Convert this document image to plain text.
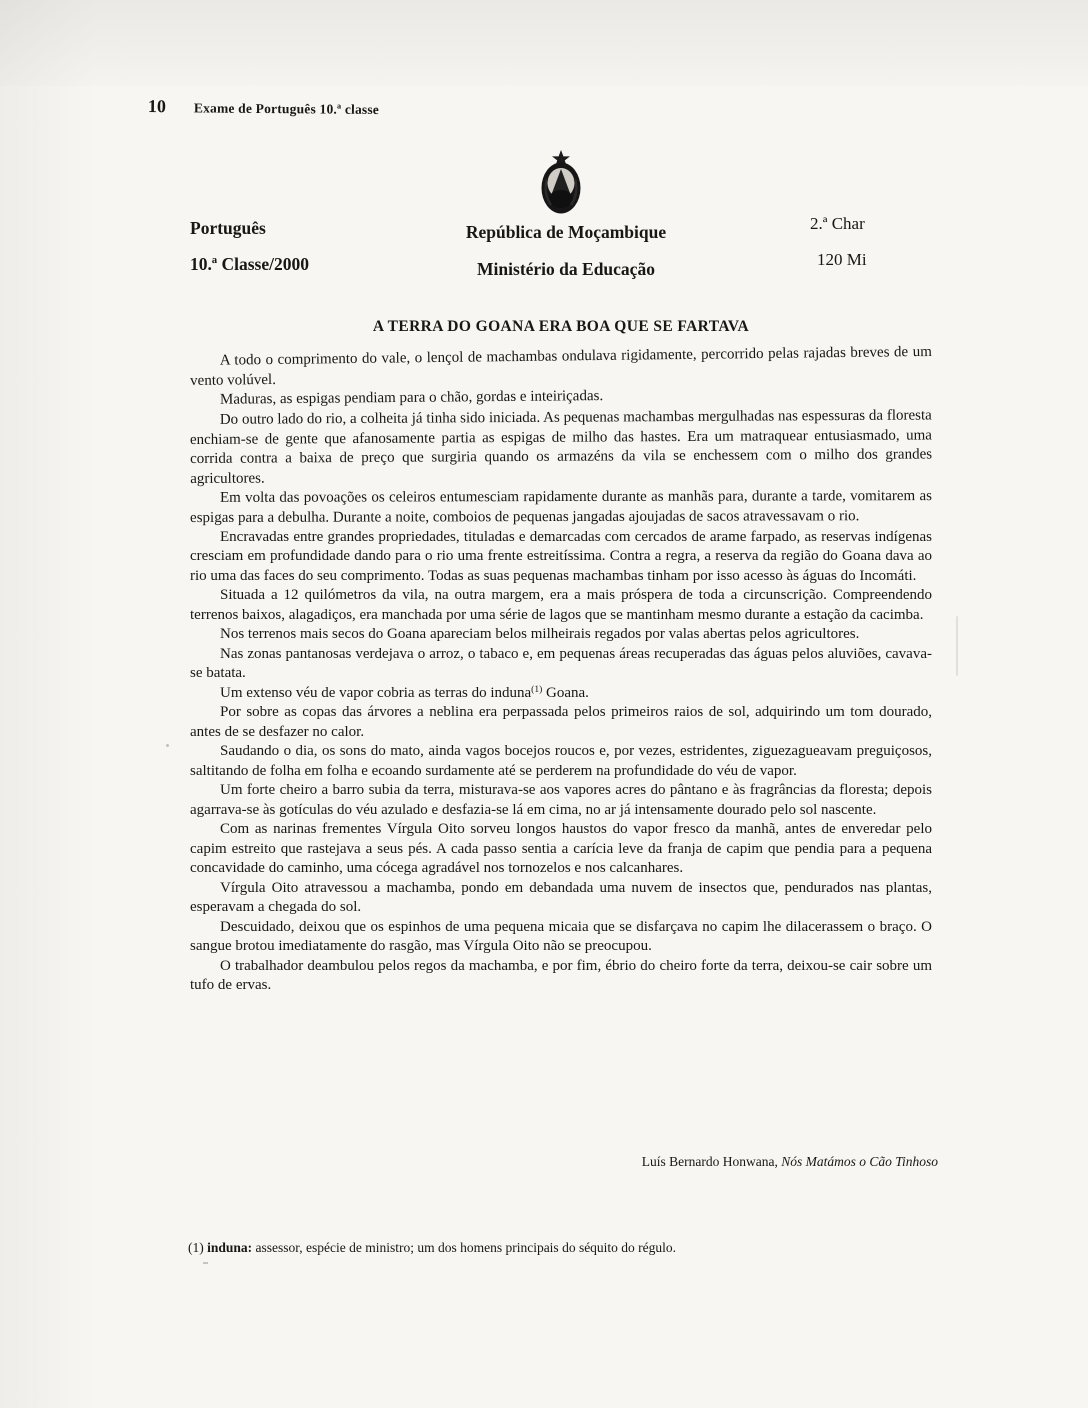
10 Exame de Português 10.ª classe
Português
10.ª Classe/2000
República de Moçambique
Ministério da Educação
2.ª Char
120 Mi
A TERRA DO GOANA ERA BOA QUE SE FARTAVA

A todo o comprimento do vale, o lençol de machambas ondulava rigidamente, percorrido pelas rajadas breves de um vento volúvel.

Maduras, as espigas pendiam para o chão, gordas e inteiriçadas.

Do outro lado do rio, a colheita já tinha sido iniciada. As pequenas machambas mergulhadas nas espessuras da floresta enchiam-se de gente que afanosamente partia as espigas de milho das hastes. Era um matraquear entusiasmado, uma corrida contra a baixa de preço que surgiria quando os armazéns da vila se enchessem com o milho dos grandes agricultores.

Em volta das povoações os celeiros entumesciam rapidamente durante as manhãs para, durante a tarde, vomitarem as espigas para a debulha. Durante a noite, comboios de pequenas jangadas ajoujadas de sacos atravessavam o rio.

Encravadas entre grandes propriedades, tituladas e demarcadas com cercados de arame farpado, as reservas indígenas cresciam em profundidade dando para o rio uma frente estreitíssima. Contra a regra, a reserva da região do Goana dava ao rio uma das faces do seu comprimento. Todas as suas pequenas machambas tinham por isso acesso às águas do Incomáti.

Situada a 12 quilómetros da vila, na outra margem, era a mais próspera de toda a circunscrição. Compreendendo terrenos baixos, alagadiços, era manchada por uma série de lagos que se mantinham mesmo durante a estação da cacimba.

Nos terrenos mais secos do Goana apareciam belos milheirais regados por valas abertas pelos agricultores.

Nas zonas pantanosas verdejava o arroz, o tabaco e, em pequenas áreas recuperadas das águas pelos aluviões, cavava-se batata.

Um extenso véu de vapor cobria as terras do induna$^{(1)}$ Goana.

Por sobre as copas das árvores a neblina era perpassada pelos primeiros raios de sol, adquirindo um tom dourado, antes de se desfazer no calor.

Saudando o dia, os sons do mato, ainda vagos bocejos roucos e, por vezes, estridentes, ziguezagueavam preguiçosos, saltitando de folha em folha e ecoando surdamente até se perderem na profundidade do véu de vapor.

Um forte cheiro a barro subia da terra, misturava-se aos vapores acres do pântano e às fragrâncias da floresta; depois agarrava-se às gotículas do véu azulado e desfazia-se lá em cima, no ar já intensamente dourado pelo sol nascente.

Com as narinas frementes Vírgula Oito sorveu longos haustos do vapor fresco da manhã, antes de enveredar pelo capim estreito que rastejava a seus pés. A cada passo sentia a carícia leve da franja de capim que pendia para a pequena concavidade do caminho, uma cócega agradável nos tornozelos e nos calcanhares.

Vírgula Oito atravessou a machamba, pondo em debandada uma nuvem de insectos que, pendurados nas plantas, esperavam a chegada do sol.

Descuidado, deixou que os espinhos de uma pequena micaia que se disfarçava no capim lhe dilacerassem o braço. O sangue brotou imediatamente do rasgão, mas Vírgula Oito não se preocupou.

O trabalhador deambulou pelos regos da machamba, e por fim, ébrio do cheiro forte da terra, deixou-se cair sobre um tufo de ervas.

Luís Bernardo Honwana, Nós Matámos o Cão Tinhoso
(1) induna: assessor, espécie de ministro; um dos homens principais do séquito do régulo.
